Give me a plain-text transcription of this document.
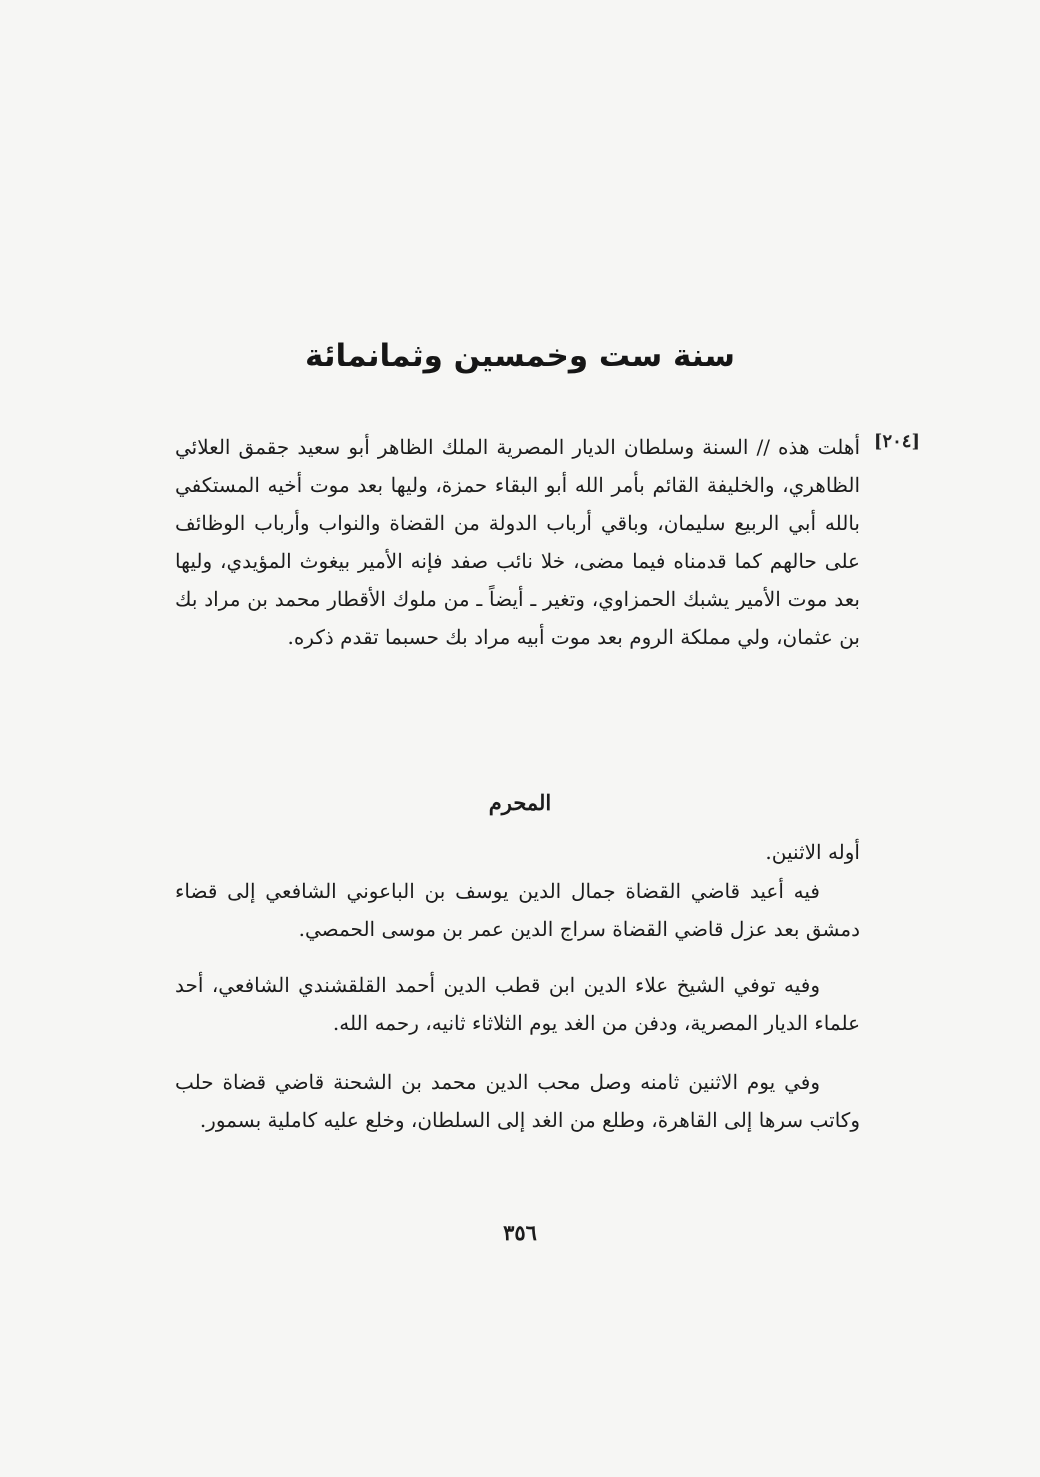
سنة ست وخمسين وثمانمائة
[٢٠٤]

أهلت هذه // السنة وسلطان الديار المصرية الملك الظاهر أبو سعيد جقمق العلائي الظاهري، والخليفة القائم بأمر الله أبو البقاء حمزة، وليها بعد موت أخيه المستكفي بالله أبي الربيع سليمان، وباقي أرباب الدولة من القضاة والنواب وأرباب الوظائف على حالهم كما قدمناه فيما مضى، خلا نائب صفد فإنه الأمير بيغوث المؤيدي، وليها بعد موت الأمير يشبك الحمزاوي، وتغير ـ أيضاً ـ من ملوك الأقطار محمد بن مراد بك بن عثمان، ولي مملكة الروم بعد موت أبيه مراد بك حسبما تقدم ذكره.

المحرم

أوله الاثنين.

فيه أعيد قاضي القضاة جمال الدين يوسف بن الباعوني الشافعي إلى قضاء دمشق بعد عزل قاضي القضاة سراج الدين عمر بن موسى الحمصي.

وفيه توفي الشيخ علاء الدين ابن قطب الدين أحمد القلقشندي الشافعي، أحد علماء الديار المصرية، ودفن من الغد يوم الثلاثاء ثانيه، رحمه الله.

وفي يوم الاثنين ثامنه وصل محب الدين محمد بن الشحنة قاضي قضاة حلب وكاتب سرها إلى القاهرة، وطلع من الغد إلى السلطان، وخلع عليه كاملية بسمور.

٣٥٦
